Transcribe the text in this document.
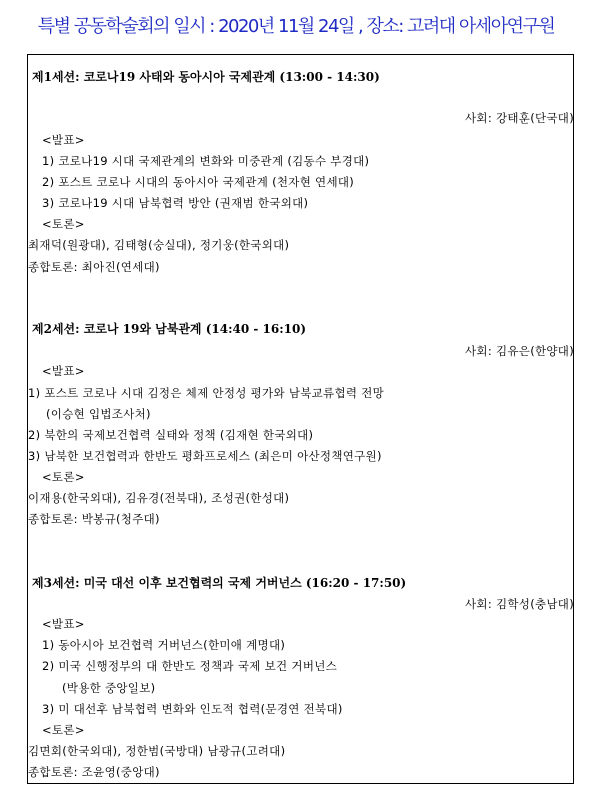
특별 공동학술회의 일시 : 2020년 11월 24일 , 장소: 고려대 아세아연구원
제1세션: 코로나19 사태와 동아시아 국제관계 (13:00 - 14:30)
사회: 강태훈(단국대)
<발표>
1) 코로나19 시대 국제관계의 변화와 미중관계 (김동수 부경대)
2) 포스트 코로나 시대의 동아시아 국제관계 (천자현 연세대)
3) 코로나19 시대 남북협력 방안 (권재범 한국외대)
<토론>
최재덕(원광대), 김태형(숭실대), 정기웅(한국외대)
종합토론: 최아진(연세대)
제2세션: 코로나 19와 남북관계 (14:40 - 16:10)
사회: 김유은(한양대)
<발표>
1) 포스트 코로나 시대 김정은 체제 안정성 평가와 남북교류협력 전망
(이승현 입법조사처)
2) 북한의 국제보건협력 실태와 정책 (김재현 한국외대)
3) 남북한 보건협력과 한반도 평화프로세스 (최은미 아산정책연구원)
<토론>
이재용(한국외대), 김유경(전북대), 조성권(한성대)
종합토론: 박봉규(청주대)
제3세션: 미국 대선 이후 보건협력의 국제 거버넌스 (16:20 - 17:50)
사회: 김학성(충남대)
<발표>
1) 동아시아 보건협력 거버넌스(한미애 계명대)
2) 미국 신행정부의 대 한반도 정책과 국제 보건 거버넌스
(박용한 중앙일보)
3) 미 대선후 남북협력 변화와 인도적 협력(문경연 전북대)
<토론>
김면회(한국외대), 정한범(국방대) 남광규(고려대)
종합토론: 조윤영(중앙대)
